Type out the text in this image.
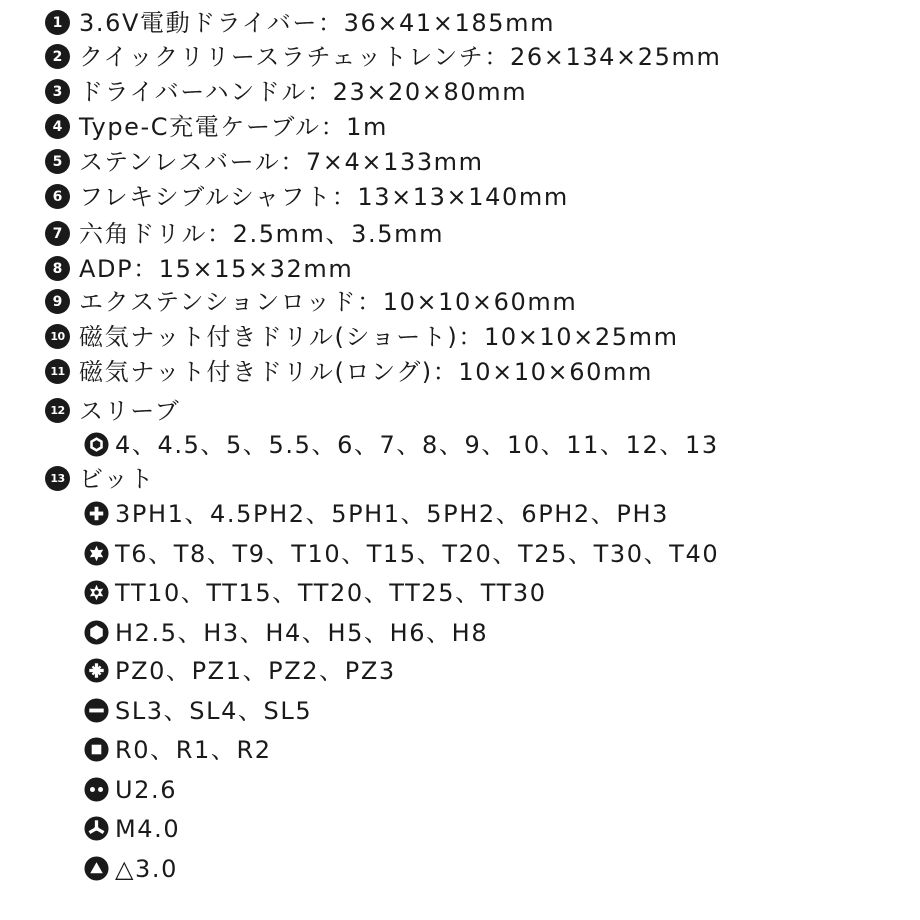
1 3.6V電動ドライバー：36×41×185mm
2 クイックリリースラチェットレンチ：26×134×25mm
3 ドライバーハンドル：23×20×80mm
4 Type-C充電ケーブル：1m
5 ステンレスバール：7×4×133mm
6 フレキシブルシャフト：13×13×140mm
7 六角ドリル：2.5mm、3.5mm
8 ADP：15×15×32mm
9 エクステンションロッド：10×10×60mm
10 磁気ナット付きドリル(ショート)：10×10×25mm
11 磁気ナット付きドリル(ロング)：10×10×60mm
12 スリーブ
4、4.5、5、5.5、6、7、8、9、10、11、12、13
13 ビット
3PH1、4.5PH2、5PH1、5PH2、6PH2、PH3
T6、T8、T9、T10、T15、T20、T25、T30、T40
TT10、TT15、TT20、TT25、TT30
H2.5、H3、H4、H5、H6、H8
PZ0、PZ1、PZ2、PZ3
SL3、SL4、SL5
R0、R1、R2
U2.6
M4.0
△3.0
